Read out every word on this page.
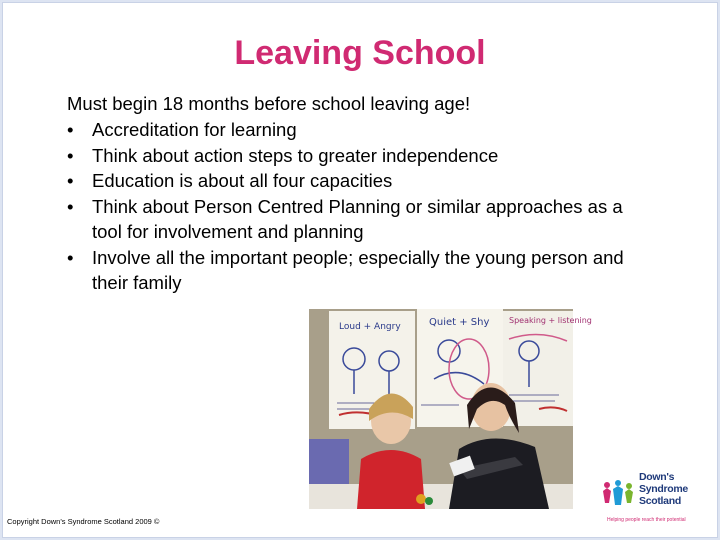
Leaving School

Must begin 18 months before school leaving age!

• Accreditation for learning
• Think about action steps to greater independence
• Education is about all four capacities
• Think about Person Centred Planning or similar approaches as a tool for involvement and planning
• Involve all the important people; especially the young person and their family
Loud + Angry	Quiet + Shy Speaking + listening
Copyright Down's Syndrome Scotland 2009 ©
Down's
Syndrome
Scotland
Helping people reach their potential
